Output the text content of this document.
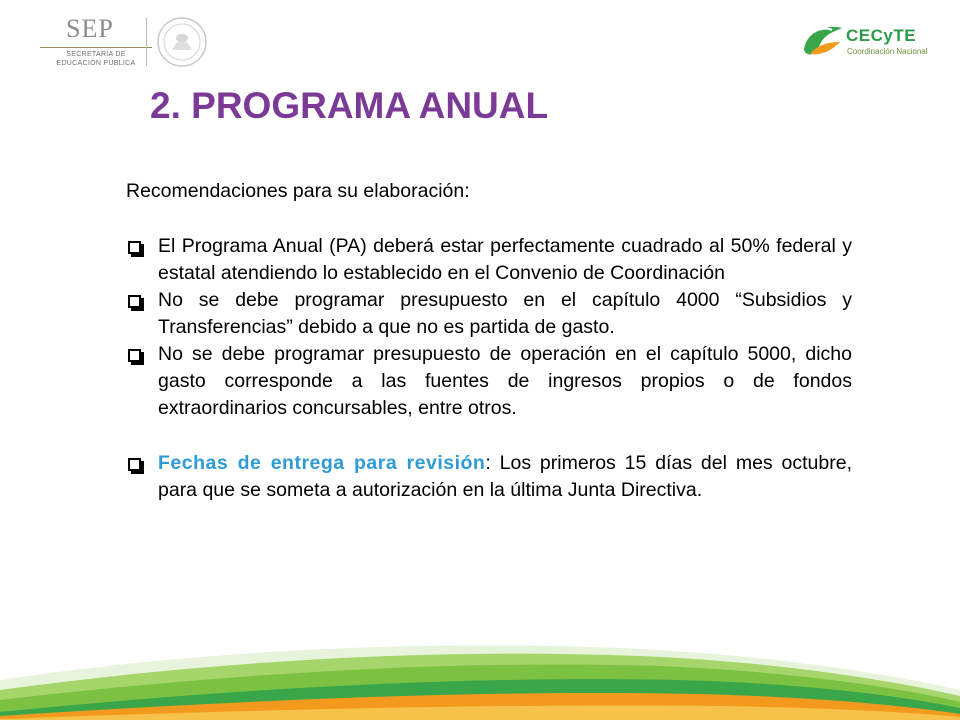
SEP
SECRETARÍA DE
EDUCACIÓN PÚBLICA
CECyTE
Coordinación Nacional
2. PROGRAMA ANUAL

Recomendaciones para su elaboración:

El Programa Anual (PA) deberá estar perfectamente cuadrado al 50% federal y estatal atendiendo lo establecido en el Convenio de Coordinación
No se debe programar presupuesto en el capítulo 4000 “Subsidios y Transferencias” debido a que no es partida de gasto.
No se debe programar presupuesto de operación en el capítulo 5000, dicho gasto corresponde a las fuentes de ingresos propios o de fondos extraordinarios concursables, entre otros.
Fechas de entrega para revisión: Los primeros 15 días del mes octubre, para que se someta a autorización en la última Junta Directiva.
